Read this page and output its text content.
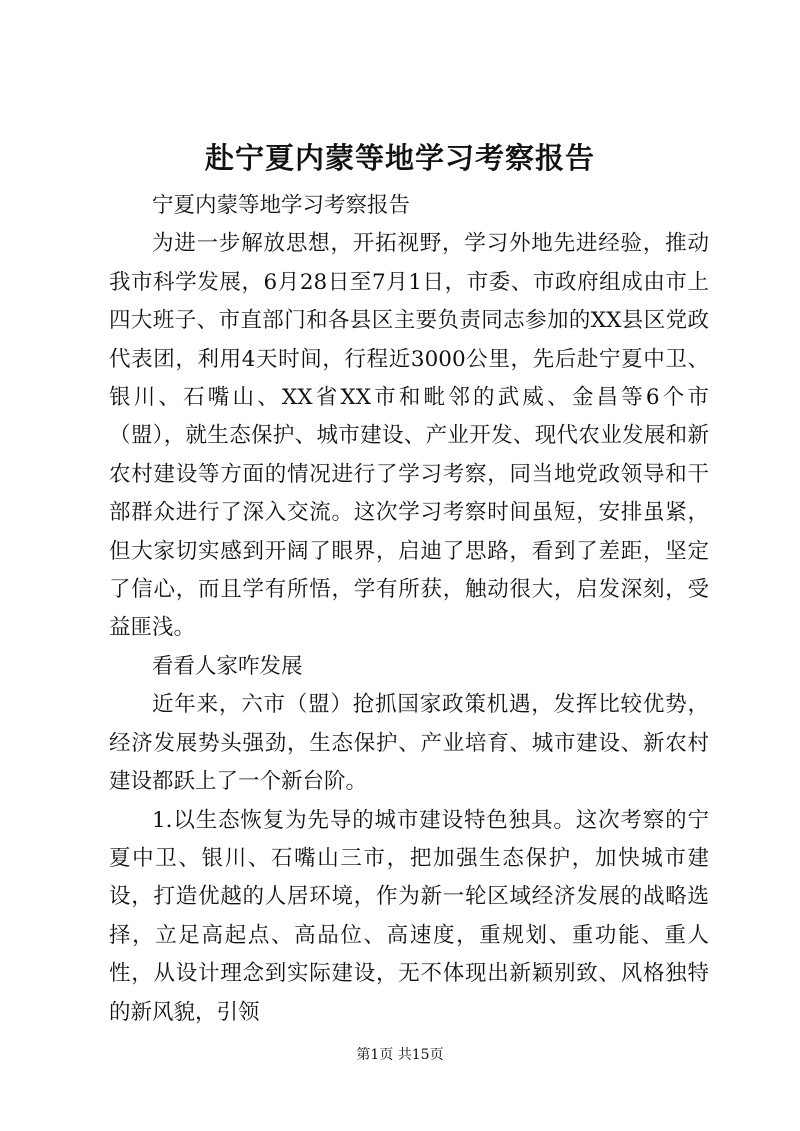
赴宁夏内蒙等地学习考察报告

宁夏内蒙等地学习考察报告

为进一步解放思想，开拓视野，学习外地先进经验，推动我市科学发展，6月28日至7月1日，市委、市政府组成由市上四大班子、市直部门和各县区主要负责同志参加的XX县区党政代表团，利用4天时间，行程近3000公里，先后赴宁夏中卫、银川、石嘴山、XX省XX市和毗邻的武威、金昌等6个市（盟），就生态保护、城市建设、产业开发、现代农业发展和新农村建设等方面的情况进行了学习考察，同当地党政领导和干部群众进行了深入交流。这次学习考察时间虽短，安排虽紧，但大家切实感到开阔了眼界，启迪了思路，看到了差距，坚定了信心，而且学有所悟，学有所获，触动很大，启发深刻，受益匪浅。

看看人家咋发展

近年来，六市（盟）抢抓国家政策机遇，发挥比较优势，经济发展势头强劲，生态保护、产业培育、城市建设、新农村建设都跃上了一个新台阶。

1.以生态恢复为先导的城市建设特色独具。这次考察的宁夏中卫、银川、石嘴山三市，把加强生态保护，加快城市建设，打造优越的人居环境，作为新一轮区域经济发展的战略选择，立足高起点、高品位、高速度，重规划、重功能、重人性，从设计理念到实际建设，无不体现出新颖别致、风格独特的新风貌，引领

第1页 共15页
